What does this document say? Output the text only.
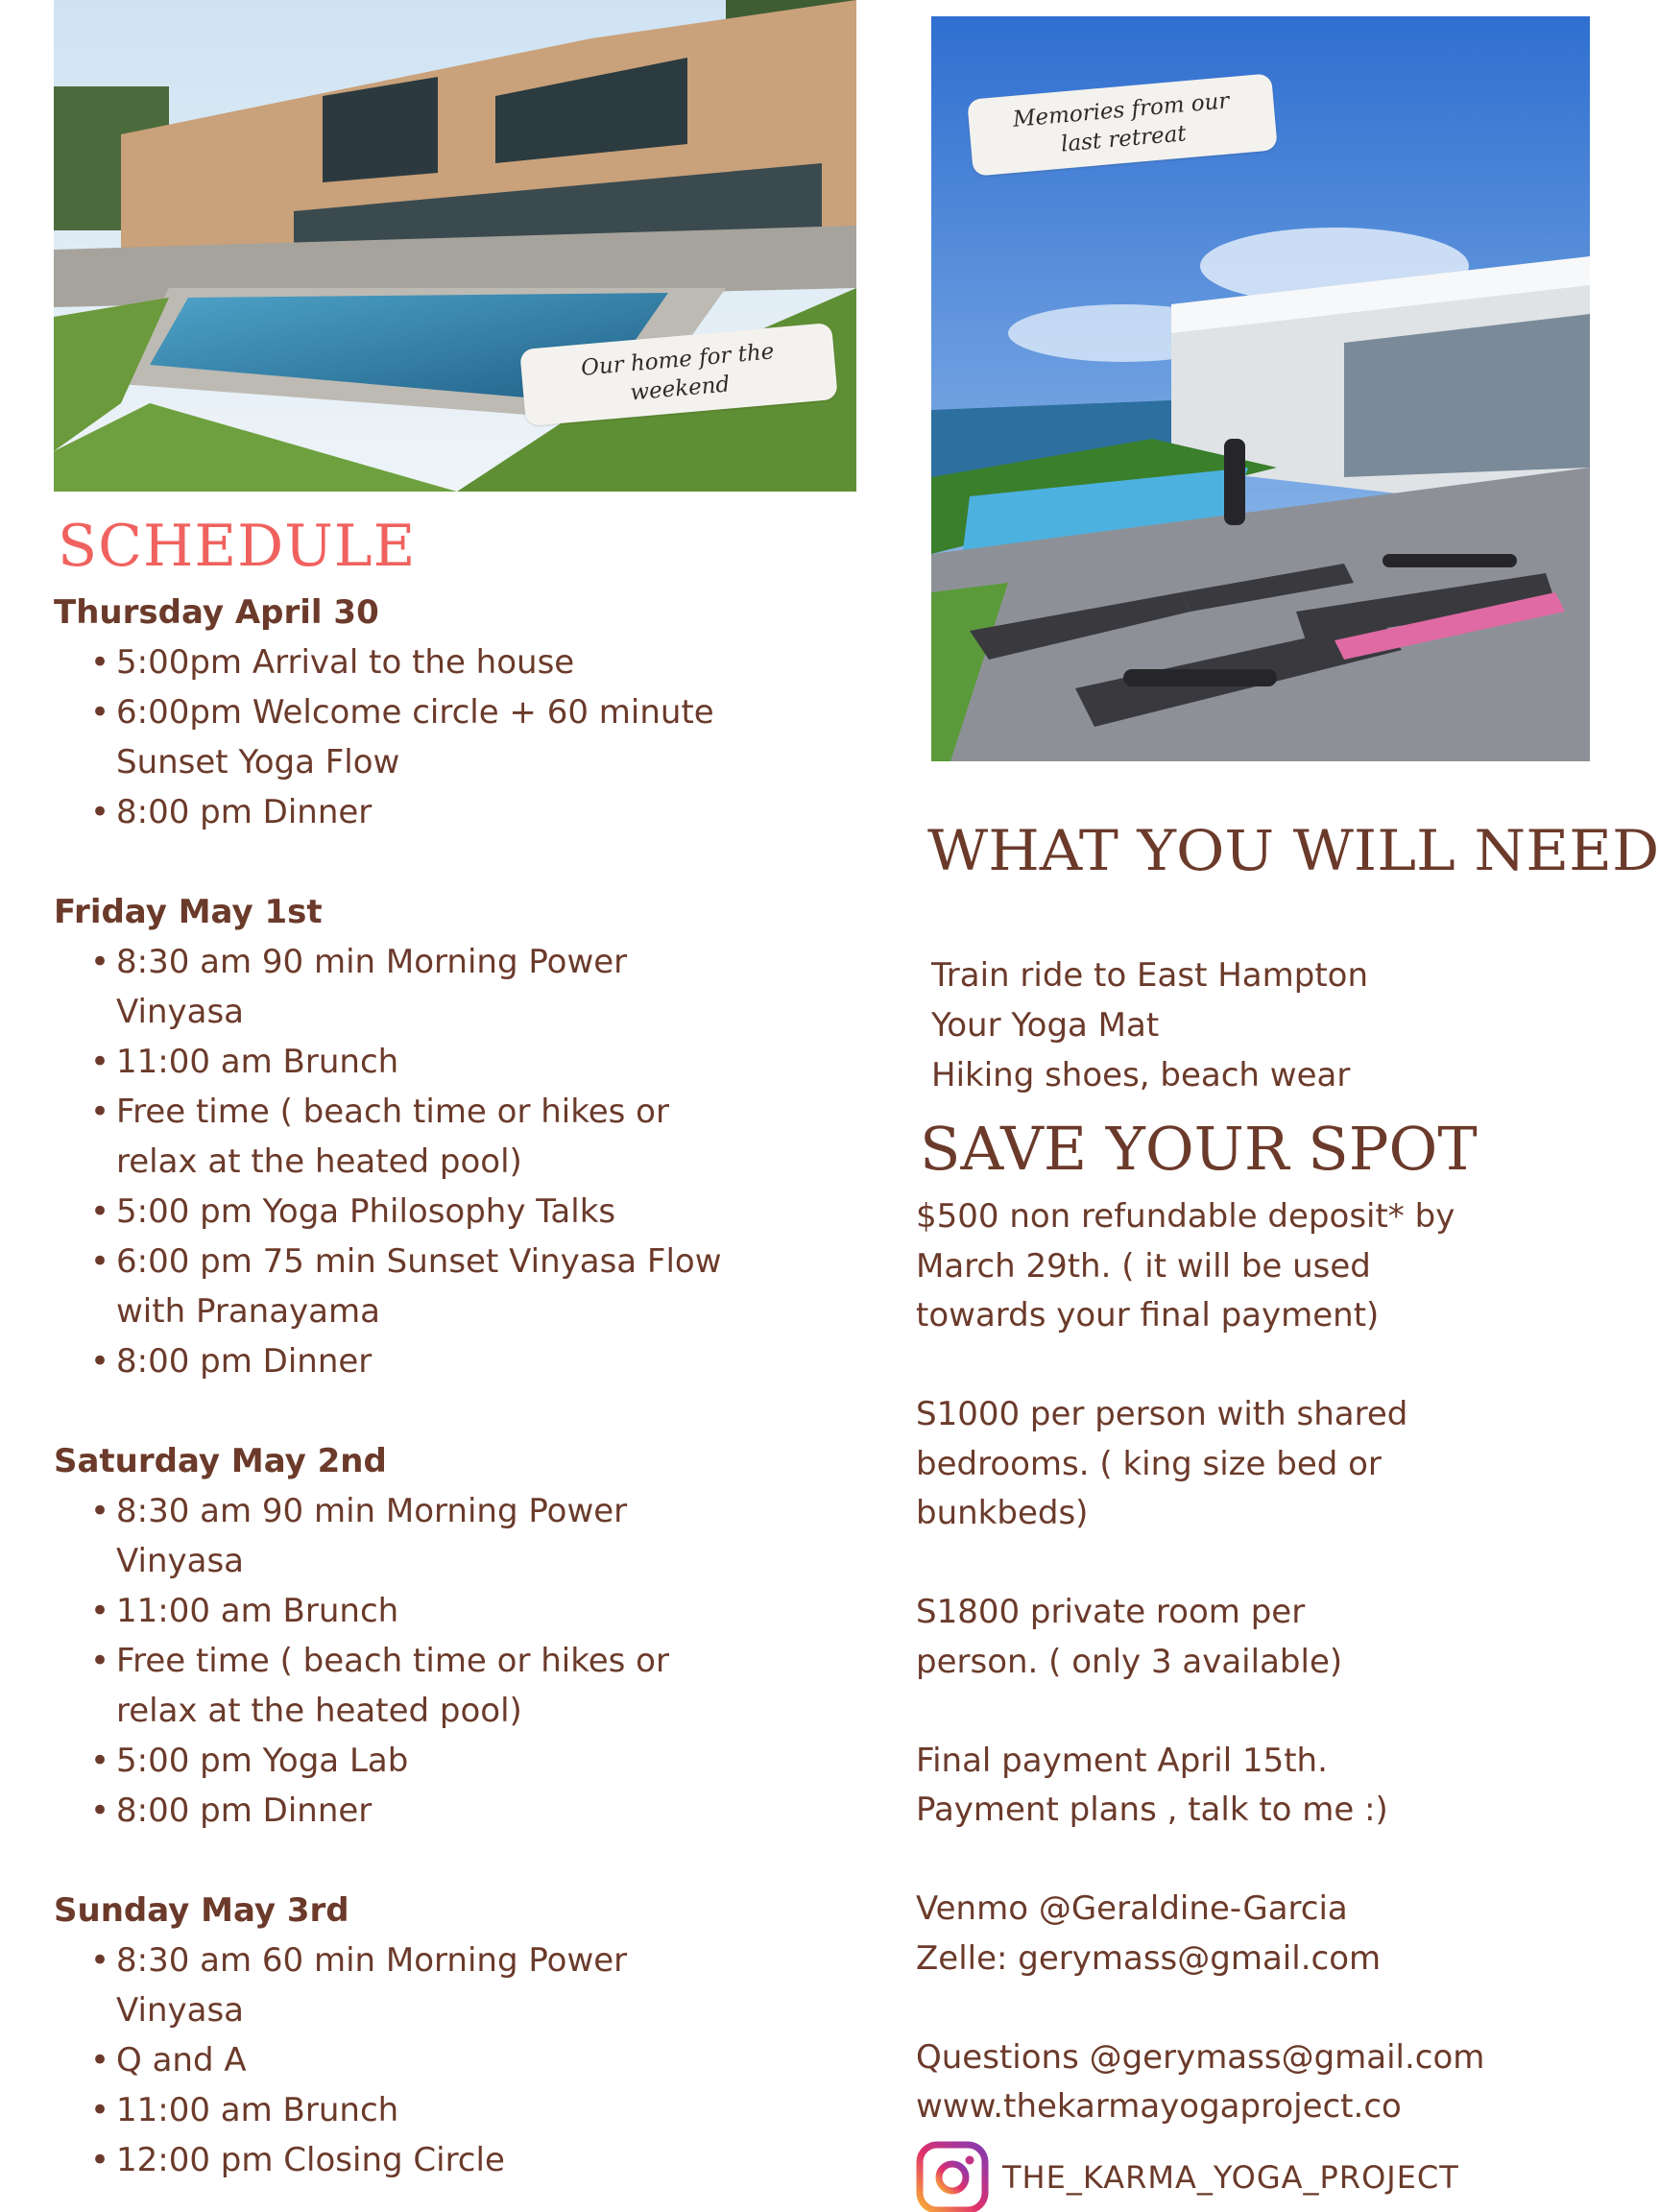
Our home for the weekend
Memories from our last retreat
SCHEDULE
Thursday April 30
• 5:00pm Arrival to the house
• 6:00pm Welcome circle + 60 minute
Sunset Yoga Flow
• 8:00 pm Dinner
Friday May 1st
• 8:30 am 90 min Morning Power
Vinyasa
• 11:00 am Brunch
• Free time ( beach time or hikes or
relax at the heated pool)
• 5:00 pm Yoga Philosophy Talks
• 6:00 pm 75 min Sunset Vinyasa Flow
with Pranayama
• 8:00 pm Dinner
Saturday May 2nd
• 8:30 am 90 min Morning Power
Vinyasa
• 11:00 am Brunch
• Free time ( beach time or hikes or
relax at the heated pool)
• 5:00 pm Yoga Lab
• 8:00 pm Dinner
Sunday May 3rd
• 8:30 am 60 min Morning Power
Vinyasa
• Q and A
• 11:00 am Brunch
• 12:00 pm Closing Circle
WHAT YOU WILL NEED
Train ride to East Hampton
Your Yoga Mat
Hiking shoes, beach wear
SAVE YOUR SPOT

$500 non refundable deposit* by
March 29th. ( it will be used
towards your final payment)

S1000 per person with shared
bedrooms. ( king size bed or
bunkbeds)

S1800 private room per
person. ( only 3 available)

Final payment April 15th.
Payment plans , talk to me :)

Venmo @Geraldine-Garcia
Zelle: gerymass@gmail.com

Questions @gerymass@gmail.com
www.thekarmayogaproject.co

THE_KARMA_YOGA_PROJECT
